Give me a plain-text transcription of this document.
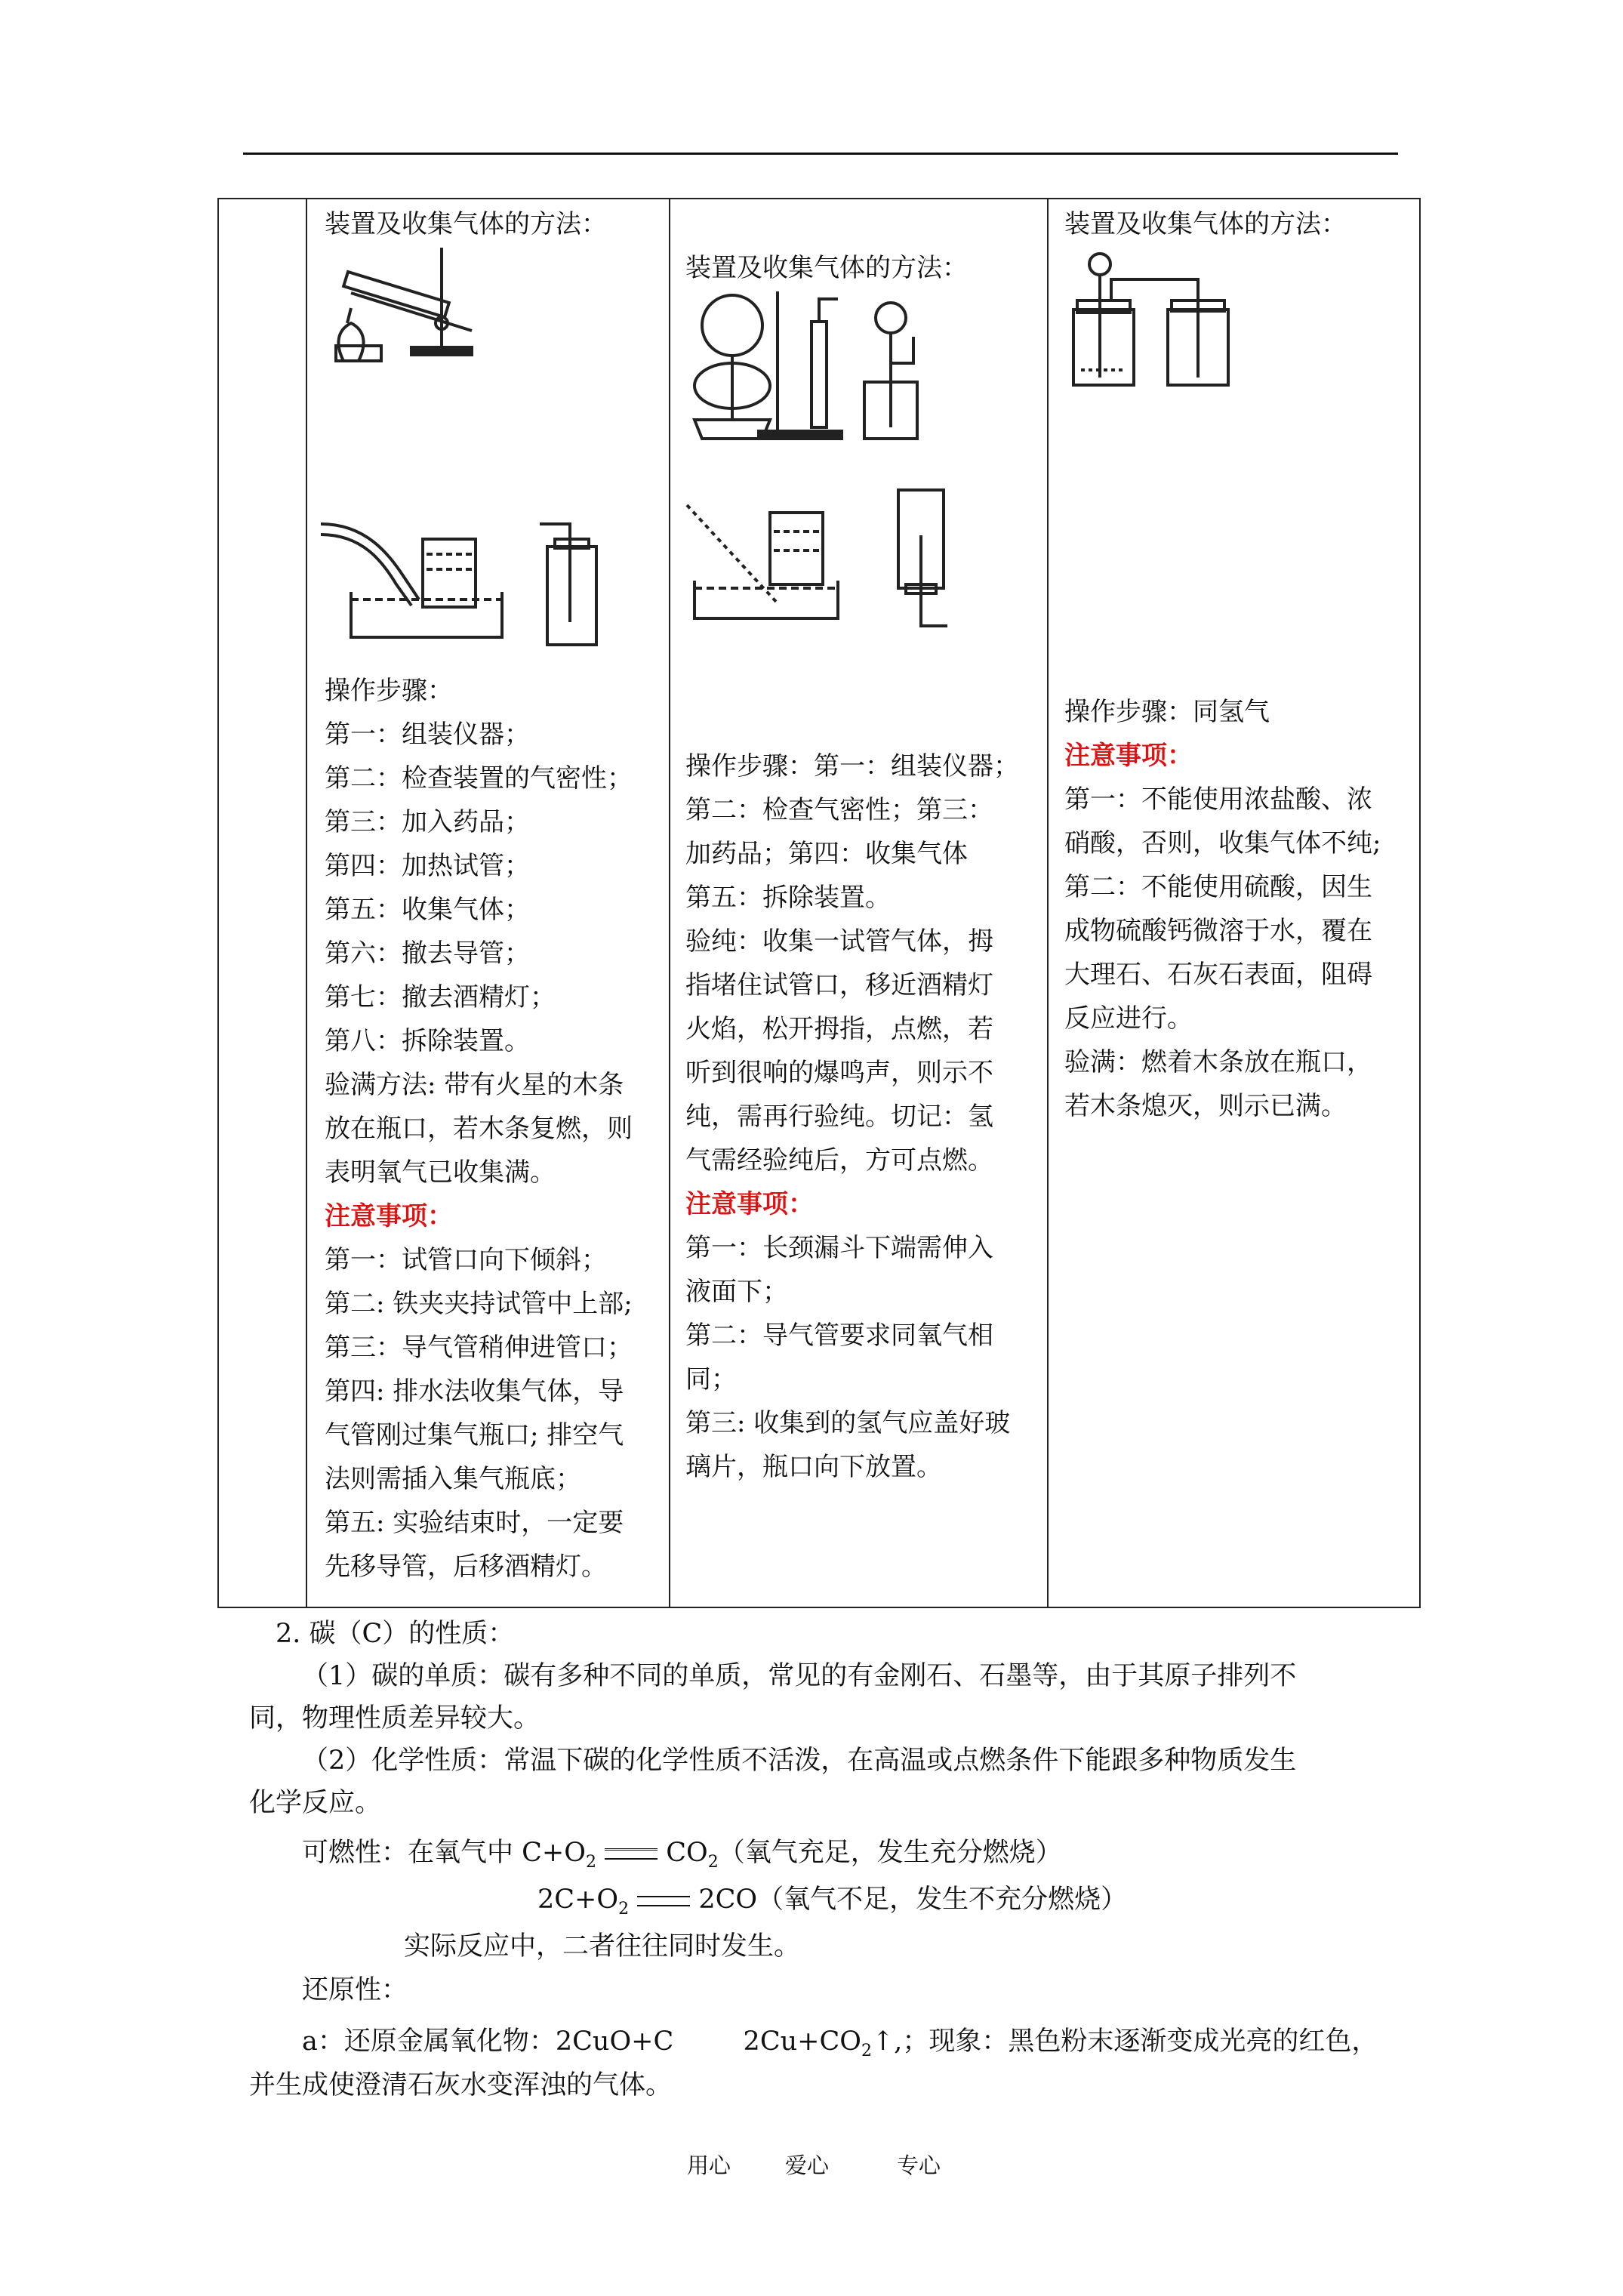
装置及收集气体的方法：
操作步骤：
第一：组装仪器；
第二：检查装置的气密性；
第三：加入药品；
第四：加热试管；
第五：收集气体；
第六：撤去导管；
第七：撤去酒精灯；
第八：拆除装置。
验满方法: 带有火星的木条
放在瓶口，若木条复燃，则
表明氧气已收集满。
注意事项：
第一：试管口向下倾斜；
第二: 铁夹夹持试管中上部;
第三：导气管稍伸进管口；
第四: 排水法收集气体，导
气管刚过集气瓶口; 排空气
法则需插入集气瓶底；
第五: 实验结束时，一定要
先移导管，后移酒精灯。
装置及收集气体的方法：
操作步骤：第一：组装仪器；
第二：检查气密性；第三：
加药品；第四：收集气体
第五：拆除装置。
验纯：收集一试管气体，拇
指堵住试管口，移近酒精灯
火焰，松开拇指，点燃，若
听到很响的爆鸣声，则示不
纯，需再行验纯。切记：氢
气需经验纯后，方可点燃。
注意事项：
第一：长颈漏斗下端需伸入
液面下；
第二：导气管要求同氧气相
同；
第三: 收集到的氢气应盖好玻
璃片，瓶口向下放置。
装置及收集气体的方法：
操作步骤：同氢气
注意事项：
第一：不能使用浓盐酸、浓
硝酸，否则，收集气体不纯;
第二：不能使用硫酸，因生
成物硫酸钙微溶于水，覆在
大理石、石灰石表面，阻碍
反应进行。
验满：燃着木条放在瓶口，
若木条熄灭，则示已满。
2. 碳（C）的性质：
（1）碳的单质：碳有多种不同的单质，常见的有金刚石、石墨等，由于其原子排列不
同，物理性质差异较大。
（2）化学性质：常温下碳的化学性质不活泼，在高温或点燃条件下能跟多种物质发生
化学反应。
可燃性：在氧气中 $C+O_2$	$CO_2$（氧气充足，发生充分燃烧）
$2C+O_2$	2CO（氧气不足，发生不充分燃烧）
实际反应中，二者往往同时发生。
还原性：
a：还原金属氧化物：2CuO+C	$2Cu+CO_2↑$,；现象：黑色粉末逐渐变成光亮的红色，
并生成使澄清石灰水变浑浊的气体。
用心 爱心	专心
